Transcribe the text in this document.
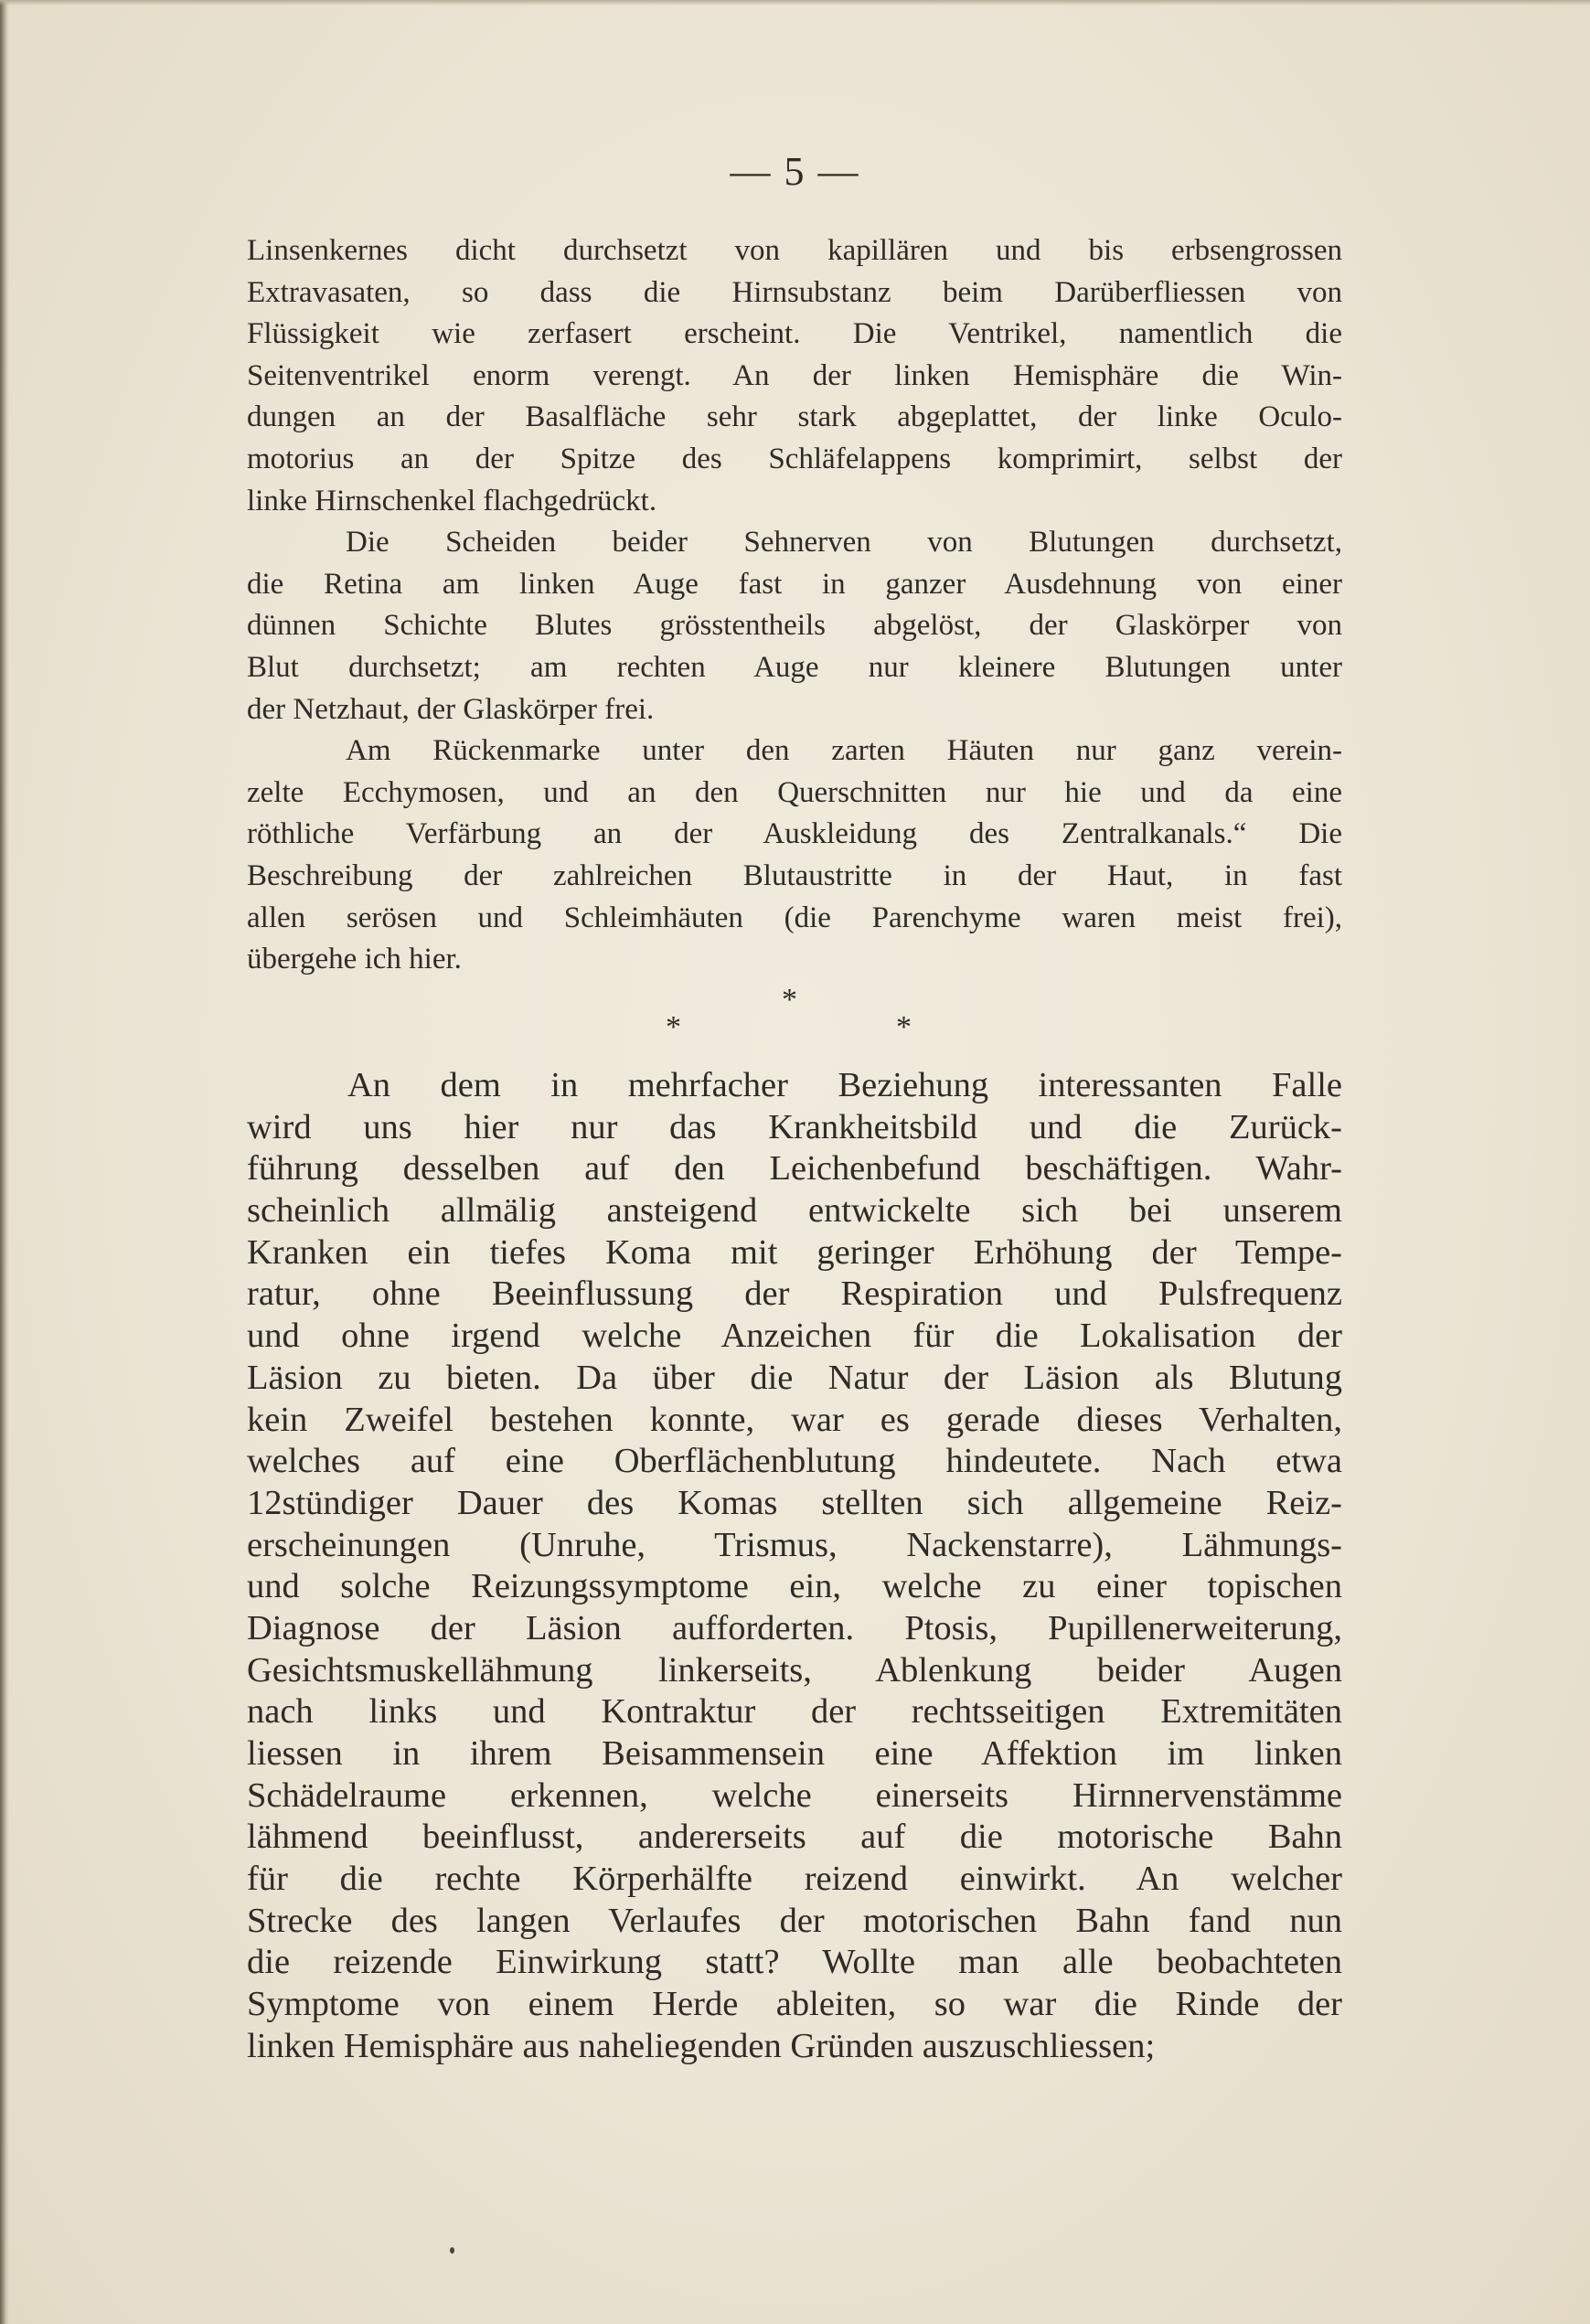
— 5 —
Linsenkernes dicht durchsetzt von kapillären und bis erbsengrossen
Extravasaten, so dass die Hirnsubstanz beim Darüberfliessen von
Flüssigkeit wie zerfasert erscheint. Die Ventrikel, namentlich die
Seitenventrikel enorm verengt. An der linken Hemisphäre die Win-
dungen an der Basalfläche sehr stark abgeplattet, der linke Oculo-
motorius an der Spitze des Schläfelappens komprimirt, selbst der
linke Hirnschenkel flachgedrückt.
Die Scheiden beider Sehnerven von Blutungen durchsetzt,
die Retina am linken Auge fast in ganzer Ausdehnung von einer
dünnen Schichte Blutes grösstentheils abgelöst, der Glaskörper von
Blut durchsetzt; am rechten Auge nur kleinere Blutungen unter
der Netzhaut, der Glaskörper frei.
Am Rückenmarke unter den zarten Häuten nur ganz verein-
zelte Ecchymosen, und an den Querschnitten nur hie und da eine
röthliche Verfärbung an der Auskleidung des Zentralkanals.“ Die
Beschreibung der zahlreichen Blutaustritte in der Haut, in fast
allen serösen und Schleimhäuten (die Parenchyme waren meist frei),
übergehe ich hier.
*
*	*
An dem in mehrfacher Beziehung interessanten Falle
wird uns hier nur das Krankheitsbild und die Zurück-
führung desselben auf den Leichenbefund beschäftigen. Wahr-
scheinlich allmälig ansteigend entwickelte sich bei unserem
Kranken ein tiefes Koma mit geringer Erhöhung der Tempe-
ratur, ohne Beeinflussung der Respiration und Pulsfrequenz
und ohne irgend welche Anzeichen für die Lokalisation der
Läsion zu bieten. Da über die Natur der Läsion als Blutung
kein Zweifel bestehen konnte, war es gerade dieses Verhalten,
welches auf eine Oberflächenblutung hindeutete. Nach etwa
12stündiger Dauer des Komas stellten sich allgemeine Reiz-
erscheinungen (Unruhe, Trismus, Nackenstarre), Lähmungs-
und solche Reizungssymptome ein, welche zu einer topischen
Diagnose der Läsion aufforderten. Ptosis, Pupillenerweiterung,
Gesichtsmuskellähmung linkerseits, Ablenkung beider Augen
nach links und Kontraktur der rechtsseitigen Extremitäten
liessen in ihrem Beisammensein eine Affektion im linken
Schädelraume erkennen, welche einerseits Hirnnervenstämme
lähmend beeinflusst, andererseits auf die motorische Bahn
für die rechte Körperhälfte reizend einwirkt. An welcher
Strecke des langen Verlaufes der motorischen Bahn fand nun
die reizende Einwirkung statt? Wollte man alle beobachteten
Symptome von einem Herde ableiten, so war die Rinde der
linken Hemisphäre aus naheliegenden Gründen auszuschliessen;
